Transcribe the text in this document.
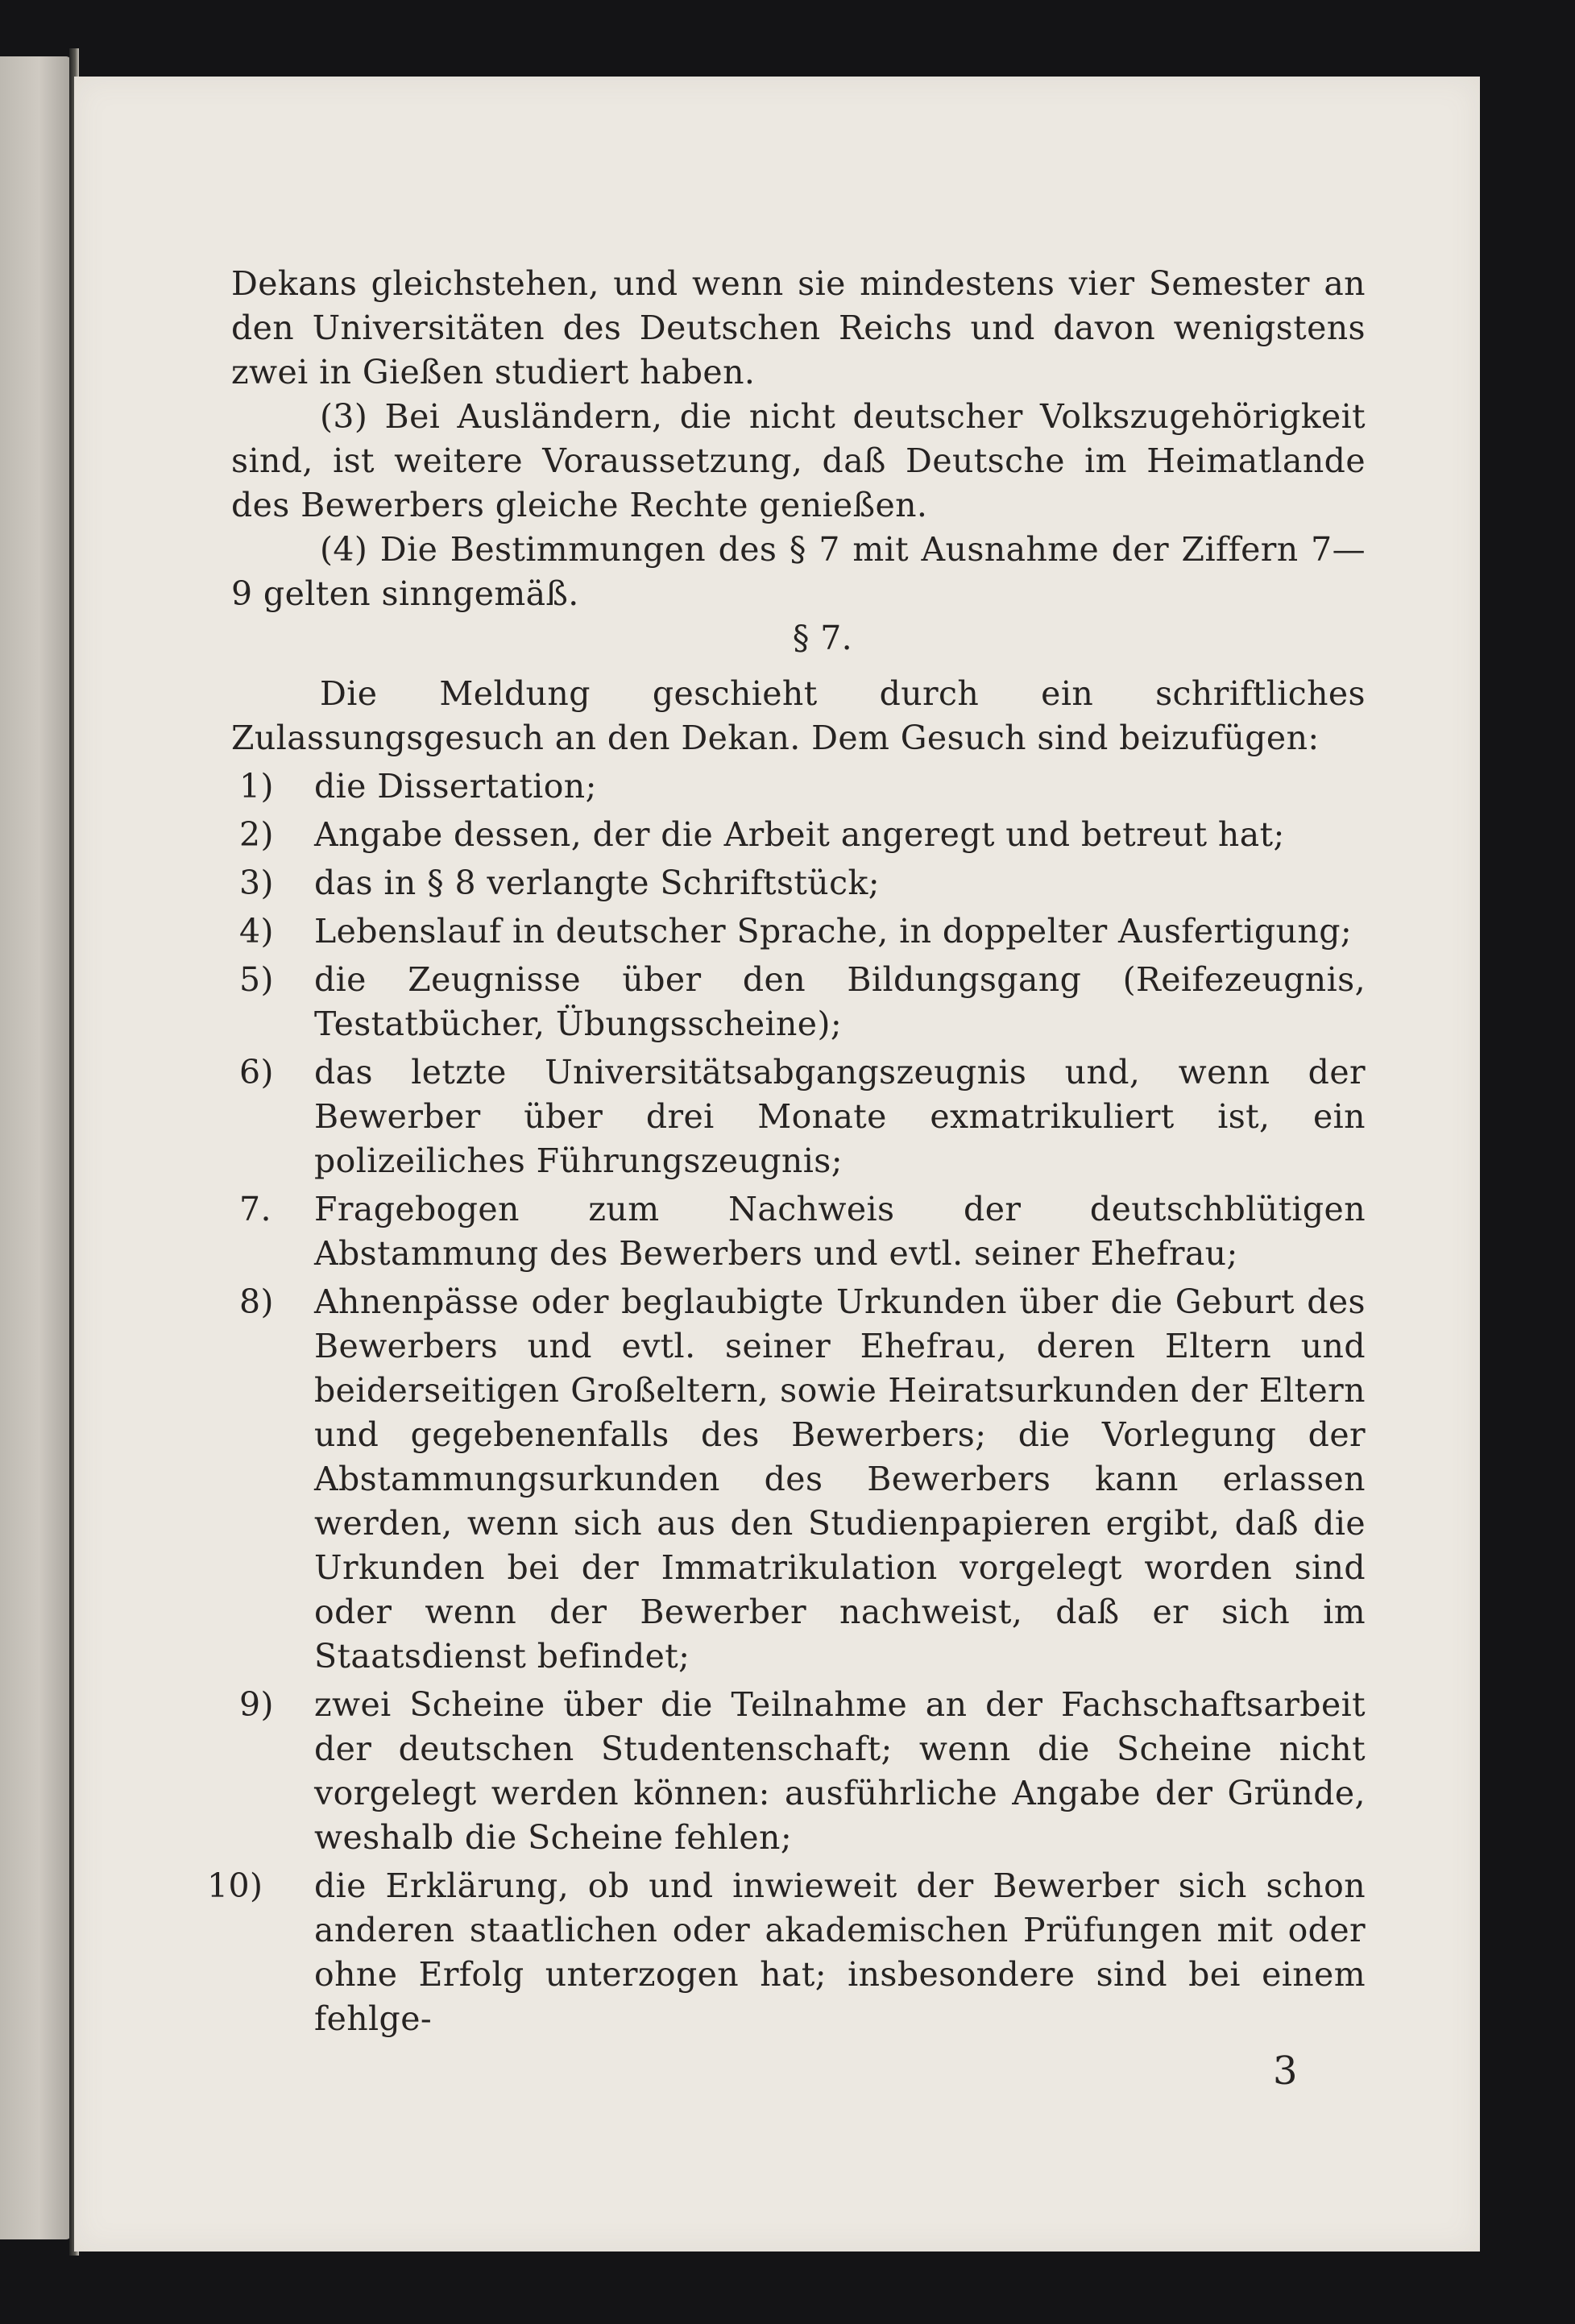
Dekans gleichstehen, und wenn sie mindestens vier Semester an den Universitäten des Deutschen Reichs und davon wenigstens zwei in Gießen studiert haben.

(3) Bei Ausländern, die nicht deutscher Volkszugehörigkeit sind, ist weitere Voraussetzung, daß Deutsche im Heimatlande des Bewerbers gleiche Rechte genießen.

(4) Die Bestimmungen des § 7 mit Ausnahme der Ziffern 7—9 gelten sinngemäß.

§ 7.

Die Meldung geschieht durch ein schriftliches Zulassungsgesuch an den Dekan. Dem Gesuch sind beizufügen:

1)	die Dissertation;
2)	Angabe dessen, der die Arbeit angeregt und betreut hat;
3)	das in § 8 verlangte Schriftstück;
4)	Lebenslauf in deutscher Sprache, in doppelter Ausfertigung;
5)	die Zeugnisse über den Bildungsgang (Reifezeugnis, Testatbücher, Übungsscheine);
6)	das letzte Universitätsabgangszeugnis und, wenn der Bewerber über drei Monate exmatrikuliert ist, ein polizeiliches Führungszeugnis;
7.	Fragebogen zum Nachweis der deutschblütigen Abstammung des Bewerbers und evtl. seiner Ehefrau;
8)	Ahnenpässe oder beglaubigte Urkunden über die Geburt des Bewerbers und evtl. seiner Ehefrau, deren Eltern und beiderseitigen Großeltern, sowie Heiratsurkunden der Eltern und gegebenenfalls des Bewerbers; die Vorlegung der Abstammungsurkunden des Bewerbers kann erlassen werden, wenn sich aus den Studienpapieren ergibt, daß die Urkunden bei der Immatrikulation vorgelegt worden sind oder wenn der Bewerber nachweist, daß er sich im Staatsdienst befindet;
9)	zwei Scheine über die Teilnahme an der Fachschaftsarbeit der deutschen Studentenschaft; wenn die Scheine nicht vorgelegt werden können: ausführliche Angabe der Gründe, weshalb die Scheine fehlen;
10)	die Erklärung, ob und inwieweit der Bewerber sich schon anderen staatlichen oder akademischen Prüfungen mit oder ohne Erfolg unterzogen hat; insbesondere sind bei einem fehlge-
3
